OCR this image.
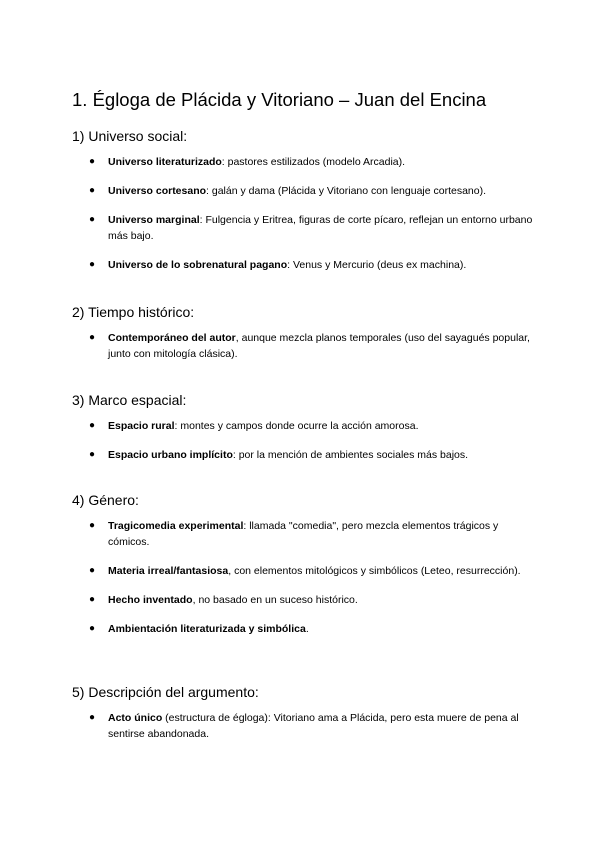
1. Égloga de Plácida y Vitoriano – Juan del Encina
1) Universo social:
● Universo literaturizado: pastores estilizados (modelo Arcadia).
● Universo cortesano: galán y dama (Plácida y Vitoriano con lenguaje cortesano).
● Universo marginal: Fulgencia y Eritrea, figuras de corte pícaro, reflejan un entorno urbano más bajo.
● Universo de lo sobrenatural pagano: Venus y Mercurio (deus ex machina).
2) Tiempo histórico:
● Contemporáneo del autor, aunque mezcla planos temporales (uso del sayagués popular, junto con mitología clásica).
3) Marco espacial:
● Espacio rural: montes y campos donde ocurre la acción amorosa.
● Espacio urbano implícito: por la mención de ambientes sociales más bajos.
4) Género:
● Tragicomedia experimental: llamada "comedia", pero mezcla elementos trágicos y cómicos.
● Materia irreal/fantasiosa, con elementos mitológicos y simbólicos (Leteo, resurrección).
● Hecho inventado, no basado en un suceso histórico.
● Ambientación literaturizada y simbólica.
5) Descripción del argumento:
● Acto único (estructura de égloga): Vitoriano ama a Plácida, pero esta muere de pena al sentirse abandonada.
